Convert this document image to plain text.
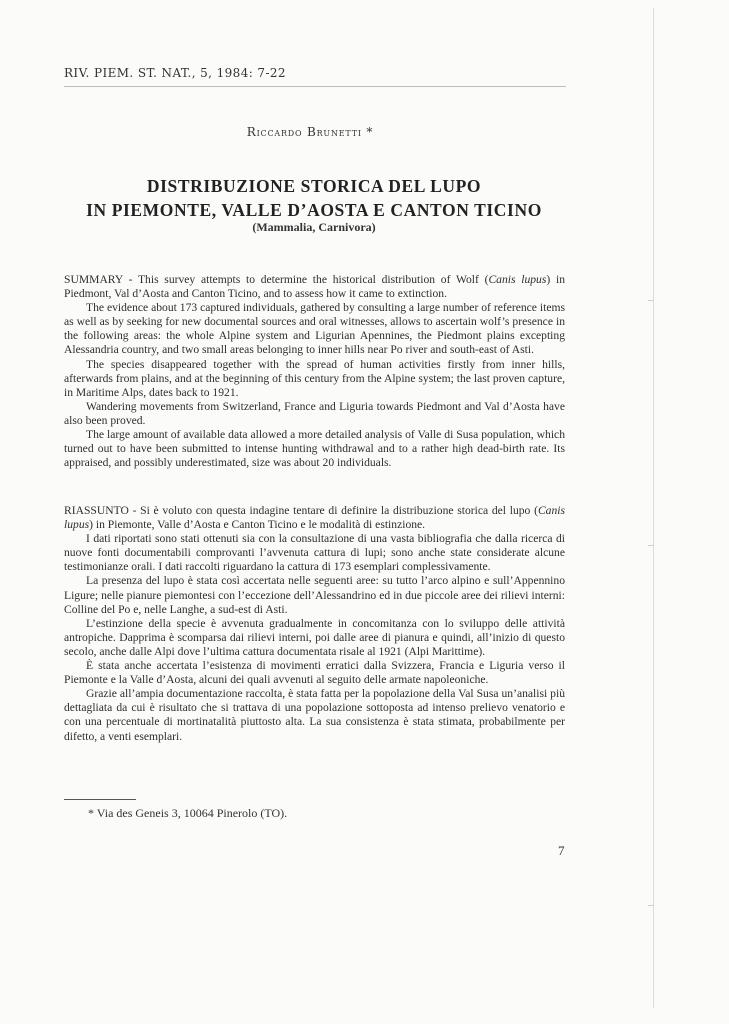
RIV. PIEM. ST. NAT., 5, 1984: 7-22
Riccardo Brunetti *
DISTRIBUZIONE STORICA DEL LUPO
IN PIEMONTE, VALLE D’AOSTA E CANTON TICINO
(Mammalia, Carnivora)

SUMMARY - This survey attempts to determine the historical distribution of Wolf (Canis lupus) in Piedmont, Val d’Aosta and Canton Ticino, and to assess how it came to extinction.

The evidence about 173 captured individuals, gathered by consulting a large number of reference items as well as by seeking for new documental sources and oral witnesses, allows to ascertain wolf’s presence in the following areas: the whole Alpine system and Ligurian Apennines, the Piedmont plains excepting Alessandria country, and two small areas belonging to inner hills near Po river and south-east of Asti.

The species disappeared together with the spread of human activities firstly from inner hills, afterwards from plains, and at the beginning of this century from the Alpine system; the last proven capture, in Maritime Alps, dates back to 1921.

Wandering movements from Switzerland, France and Liguria towards Piedmont and Val d’Aosta have also been proved.

The large amount of available data allowed a more detailed analysis of Valle di Susa population, which turned out to have been submitted to intense hunting withdrawal and to a rather high dead-birth rate. Its appraised, and possibly underestimated, size was about 20 individuals.

RIASSUNTO - Si è voluto con questa indagine tentare di definire la distribuzione storica del lupo (Canis lupus) in Piemonte, Valle d’Aosta e Canton Ticino e le modalità di estinzione.

I dati riportati sono stati ottenuti sia con la consultazione di una vasta bibliografia che dalla ricerca di nuove fonti documentabili comprovanti l’avvenuta cattura di lupi; sono anche state considerate alcune testimonianze orali. I dati raccolti riguardano la cattura di 173 esemplari complessivamente.

La presenza del lupo è stata così accertata nelle seguenti aree: su tutto l’arco alpino e sull’Appennino Ligure; nelle pianure piemontesi con l’eccezione dell’Alessandrino ed in due piccole aree dei rilievi interni: Colline del Po e, nelle Langhe, a sud-est di Asti.

L’estinzione della specie è avvenuta gradualmente in concomitanza con lo sviluppo delle attività antropiche. Dapprima è scomparsa dai rilievi interni, poi dalle aree di pianura e quindi, all’inizio di questo secolo, anche dalle Alpi dove l’ultima cattura documentata risale al 1921 (Alpi Marittime).

È stata anche accertata l’esistenza di movimenti erratici dalla Svizzera, Francia e Liguria verso il Piemonte e la Valle d’Aosta, alcuni dei quali avvenuti al seguito delle armate napoleoniche.

Grazie all’ampia documentazione raccolta, è stata fatta per la popolazione della Val Susa un’analisi più dettagliata da cui è risultato che si trattava di una popolazione sottoposta ad intenso prelievo venatorio e con una percentuale di mortinatalità piuttosto alta. La sua consistenza è stata stimata, probabilmente per difetto, a venti esemplari.

* Via des Geneis 3, 10064 Pinerolo (TO).
7
